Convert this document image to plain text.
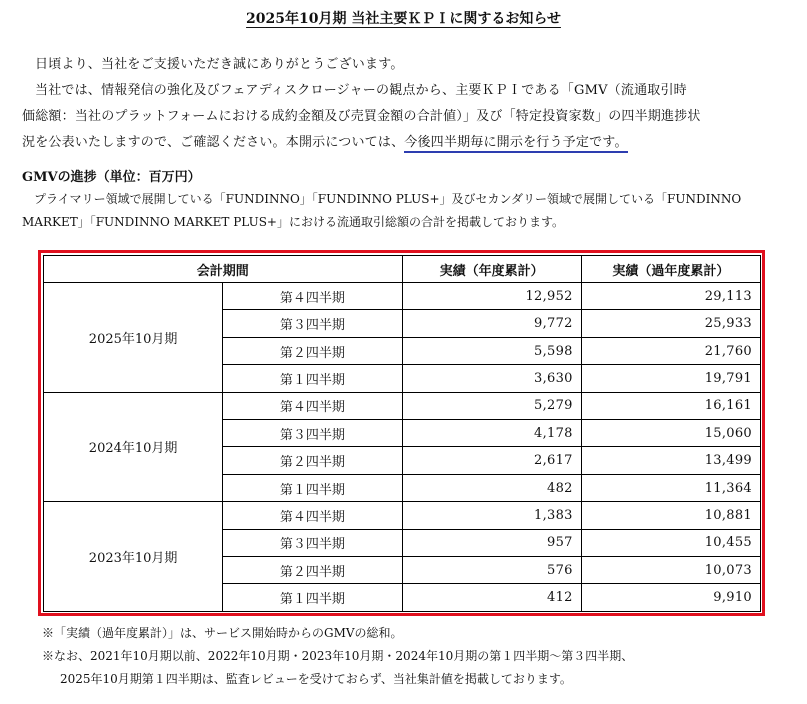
2025年10月期 当社主要ＫＰＩに関するお知らせ

日頃より、当社をご支援いただき誠にありがとうございます。

当社では、情報発信の強化及びフェアディスクロージャーの観点から、主要ＫＰＩである「GMV（流通取引時

価総額：当社のプラットフォームにおける成約金額及び売買金額の合計値）」及び「特定投資家数」の四半期進捗状

況を公表いたしますので、ご確認ください。本開示については、今後四半期毎に開示を行う予定です。

GMVの進捗（単位：百万円）

プライマリー領域で展開している「FUNDINNO」「FUNDINNO PLUS+」及びセカンダリー領域で展開している「FUNDINNO

MARKET」「FUNDINNO MARKET PLUS+」における流通取引総額の合計を掲載しております。

会計期間		実績（年度累計）	実績（過年度累計）
2025年10月期	第４四半期	12,952	29,113
	第３四半期	9,772	25,933
	第２四半期	5,598	21,760
	第１四半期	3,630	19,791
2024年10月期	第４四半期	5,279	16,161
	第３四半期	4,178	15,060
	第２四半期	2,617	13,499
	第１四半期	482	11,364
2023年10月期	第４四半期	1,383	10,881
	第３四半期	957	10,455
	第２四半期	576	10,073
	第１四半期	412	9,910

※「実績（過年度累計）」は、サービス開始時からのGMVの総和。

※なお、2021年10月期以前、2022年10月期・2023年10月期・2024年10月期の第１四半期～第３四半期、

2025年10月期第１四半期は、監査レビューを受けておらず、当社集計値を掲載しております。
